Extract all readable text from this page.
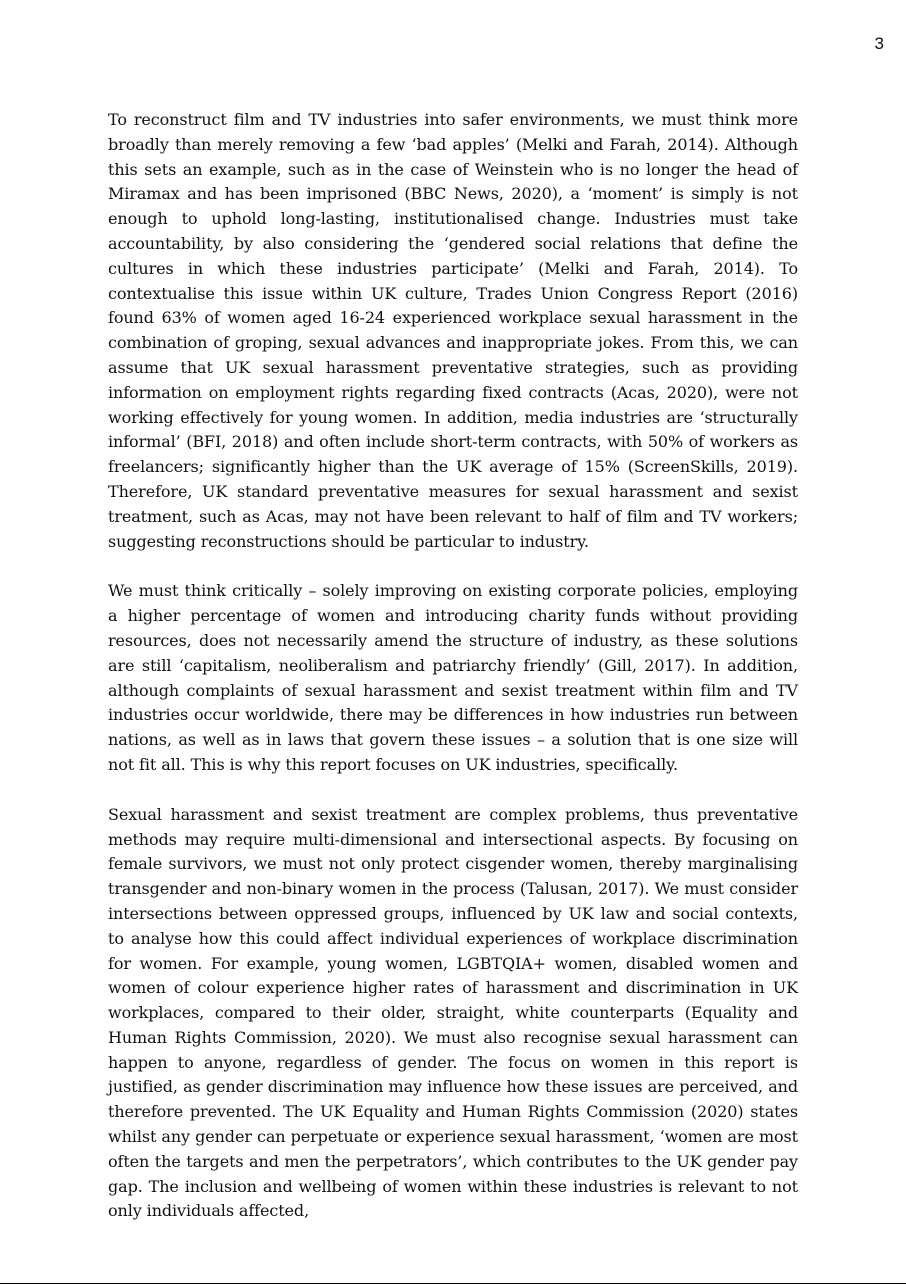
3

To reconstruct film and TV industries into safer environments, we must think more broadly than merely removing a few ‘bad apples’ (Melki and Farah, 2014). Although this sets an example, such as in the case of Weinstein who is no longer the head of Miramax and has been imprisoned (BBC News, 2020), a ‘moment’ is simply is not enough to uphold long-lasting, institutionalised change. Industries must take accountability, by also considering the ‘gendered social relations that define the cultures in which these industries participate’ (Melki and Farah, 2014). To contextualise this issue within UK culture, Trades Union Congress Report (2016) found 63% of women aged 16-24 experienced workplace sexual harassment in the combination of groping, sexual advances and inappropriate jokes. From this, we can assume that UK sexual harassment preventative strategies, such as providing information on employment rights regarding fixed contracts (Acas, 2020), were not working effectively for young women. In addition, media industries are ‘structurally informal’ (BFI, 2018) and often include short-term contracts, with 50% of workers as freelancers; significantly higher than the UK average of 15% (ScreenSkills, 2019). Therefore, UK standard preventative measures for sexual harassment and sexist treatment, such as Acas, may not have been relevant to half of film and TV workers; suggesting reconstructions should be particular to industry.

We must think critically – solely improving on existing corporate policies, employing a higher percentage of women and introducing charity funds without providing resources, does not necessarily amend the structure of industry, as these solutions are still ‘capitalism, neoliberalism and patriarchy friendly’ (Gill, 2017). In addition, although complaints of sexual harassment and sexist treatment within film and TV industries occur worldwide, there may be differences in how industries run between nations, as well as in laws that govern these issues – a solution that is one size will not fit all. This is why this report focuses on UK industries, specifically.

Sexual harassment and sexist treatment are complex problems, thus preventative methods may require multi-dimensional and intersectional aspects. By focusing on female survivors, we must not only protect cisgender women, thereby marginalising transgender and non-binary women in the process (Talusan, 2017). We must consider intersections between oppressed groups, influenced by UK law and social contexts, to analyse how this could affect individual experiences of workplace discrimination for women. For example, young women, LGBTQIA+ women, disabled women and women of colour experience higher rates of harassment and discrimination in UK workplaces, compared to their older, straight, white counterparts (Equality and Human Rights Commission, 2020). We must also recognise sexual harassment can happen to anyone, regardless of gender. The focus on women in this report is justified, as gender discrimination may influence how these issues are perceived, and therefore prevented. The UK Equality and Human Rights Commission (2020) states whilst any gender can perpetuate or experience sexual harassment, ‘women are most often the targets and men the perpetrators’, which contributes to the UK gender pay gap. The inclusion and wellbeing of women within these industries is relevant to not only individuals affected,
